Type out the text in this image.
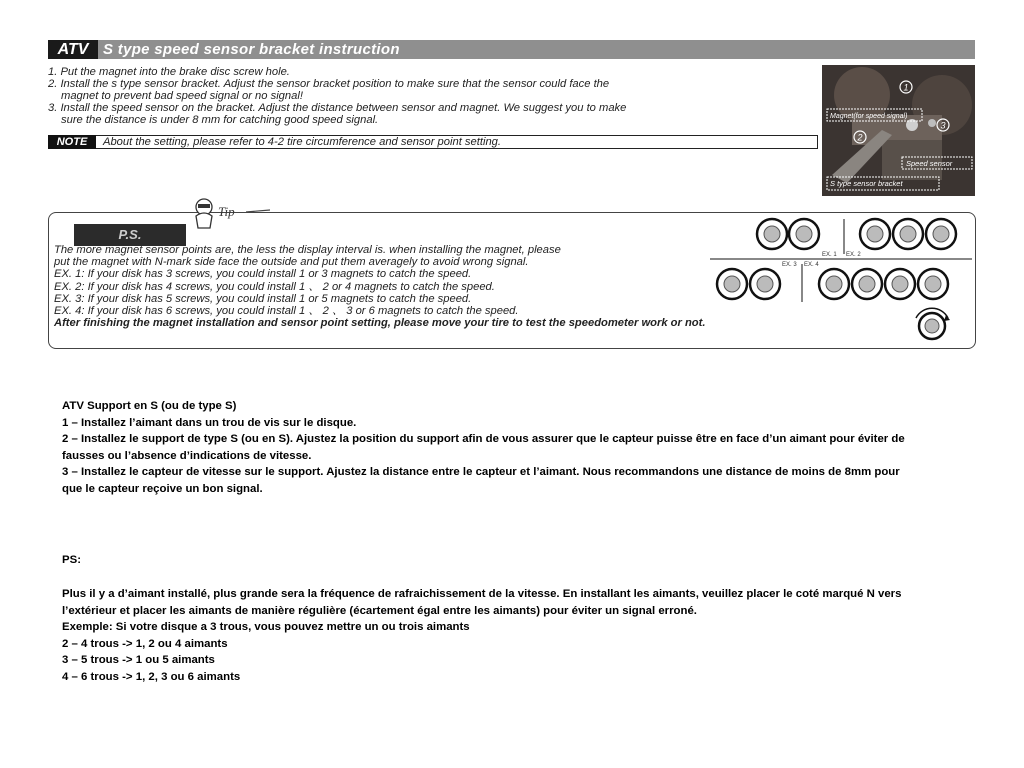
ATV S type speed sensor bracket instruction
1. Put the magnet into the brake disc screw hole.
2. Install the s type sensor bracket. Adjust the sensor bracket position to make sure that the sensor could face the
magnet to prevent bad speed signal or no signal!
3. Install the speed sensor on the bracket. Adjust the distance between sensor and magnet. We suggest you to make
sure the distance is under 8 mm for catching good speed signal.
NOTE	About the setting, please refer to 4-2 tire circumference and sensor point setting.
1
2
3
Magnet(for speed signal)
Speed sensor
S type sensor bracket
P.S.
Tip
The more magnet sensor points are, the less the display interval is. when installing the magnet, please
put the magnet with N-mark side face the outside and put them averagely to avoid wrong signal.
EX. 1: If your disk has 3 screws, you could install 1 or 3 magnets to catch the speed.
EX. 2: If your disk has 4 screws, you could install 1 、 2 or 4 magnets to catch the speed.
EX. 3: If your disk has 5 screws, you could install 1 or 5 magnets to catch the speed.
EX. 4: If your disk has 6 screws, you could install 1 、 2 、 3 or 6 magnets to catch the speed.
After finishing the magnet installation and sensor point setting, please move your tire to test the speedometer work or not.
EX. 1 EX. 2
EX. 3 EX. 4
ATV Support en S (ou de type S)
1 – Installez l’aimant dans un trou de vis sur le disque.
2 – Installez le support de type S (ou en S). Ajustez la position du support afin de vous assurer que le capteur puisse être en face d’un aimant pour éviter de
fausses ou l’absence d’indications de vitesse.
3 – Installez le capteur de vitesse sur le support. Ajustez la distance entre le capteur et l’aimant. Nous recommandons une distance de moins de 8mm pour
que le capteur reçoive un bon signal.
PS:
Plus il y a d’aimant installé, plus grande sera la fréquence de rafraichissement de la vitesse. En installant les aimants, veuillez placer le coté marqué N vers
l’extérieur et placer les aimants de manière régulière (écartement égal entre les aimants) pour éviter un signal erroné.
Exemple: Si votre disque a 3 trous, vous pouvez mettre un ou trois aimants
2 – 4 trous -> 1, 2 ou 4 aimants
3 – 5 trous -> 1 ou 5 aimants
4 – 6 trous -> 1, 2, 3 ou 6 aimants
